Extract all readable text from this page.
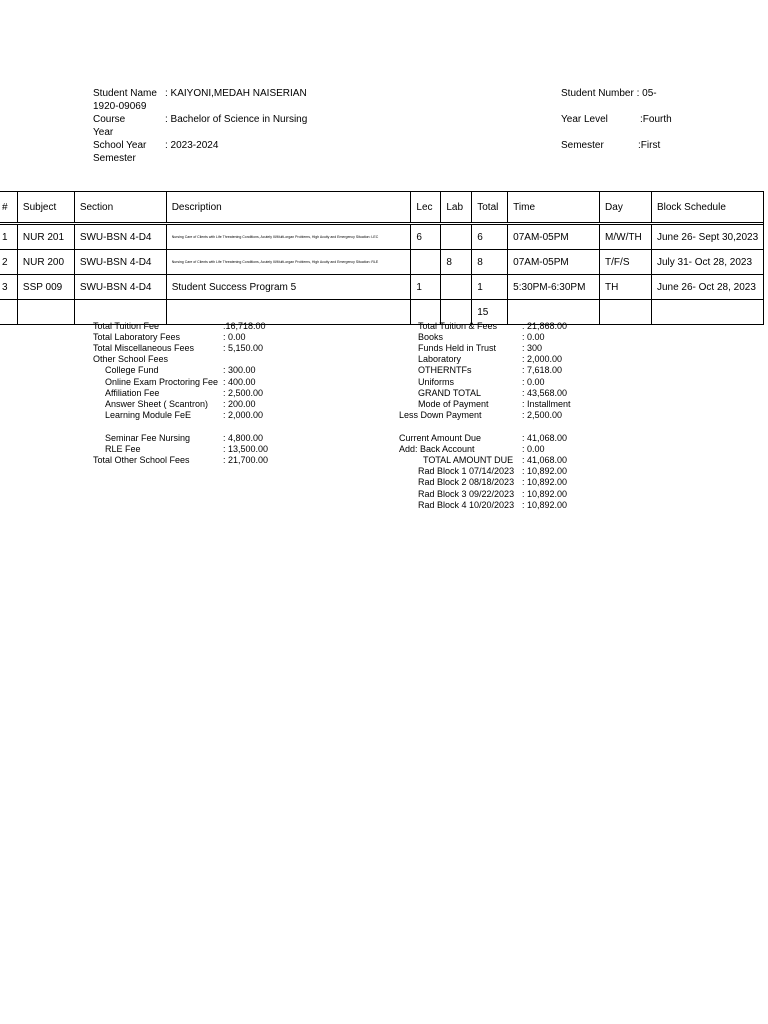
Student Name : KAIYONI,MEDAH NAISERIAN	Student Number : 05-
1920-09069
Course	: Bachelor of Science in Nursing	Year Level	:Fourth
Year
School Year : 2023-2024	Semester	:First
Semester
#	Subject	Section	Description	Lec	Lab	Total	Time	Day	Block Schedule

1	NUR 201	SWU-BSN 4-D4	Nursing Care of Clients with Life Threatening Conditions, Acutely IIl/Multi-organ Problems, High Acuity and Emergency Situation: LEC	6		6	07AM-05PM	M/W/TH	June 26- Sept 30,2023
2	NUR 200	SWU-BSN 4-D4	Nursing Care of Clients with Life Threatening Conditions, Acutely IIl/Multi-organ Problems, High Acuity and Emergency Situation: RLE		8	8	07AM-05PM	T/F/S	July 31- Oct 28, 2023
3	SSP 009	SWU-BSN 4-D4	Student Success Program 5	1		1	5:30PM-6:30PM	TH	June 26- Oct 28, 2023
						15			
Total Tuition Fee	:16,718.00
Total Laboratory Fees	: 0.00
Total Miscellaneous Fees	: 5,150.00
Other School Fees
College Fund	: 300.00
Online Exam Proctoring Fee : 400.00
Affiliation Fee	: 2,500.00
Answer Sheet ( Scantron) : 200.00
Learning Module FeE	: 2,000.00
Seminar Fee Nursing	: 4,800.00
RLE Fee	: 13,500.00
Total Other School Fees	: 21,700.00
Total Tuition & Fees	: 21,868.00
Books	: 0.00
Funds Held in Trust	: 300
Laboratory	: 2,000.00
OTHERNTFs	: 7,618.00
Uniforms	: 0.00
GRAND TOTAL	: 43,568.00
Mode of Payment	: Installment
Less Down Payment	: 2,500.00
Current Amount Due	: 41,068.00
Add: Back Account	: 0.00
TOTAL AMOUNT DUE : 41,068.00
Rad Block 1 07/14/2023 : 10,892.00
Rad Block 2 08/18/2023 : 10,892.00
Rad Block 3 09/22/2023 : 10,892.00
Rad Block 4 10/20/2023 : 10,892.00
